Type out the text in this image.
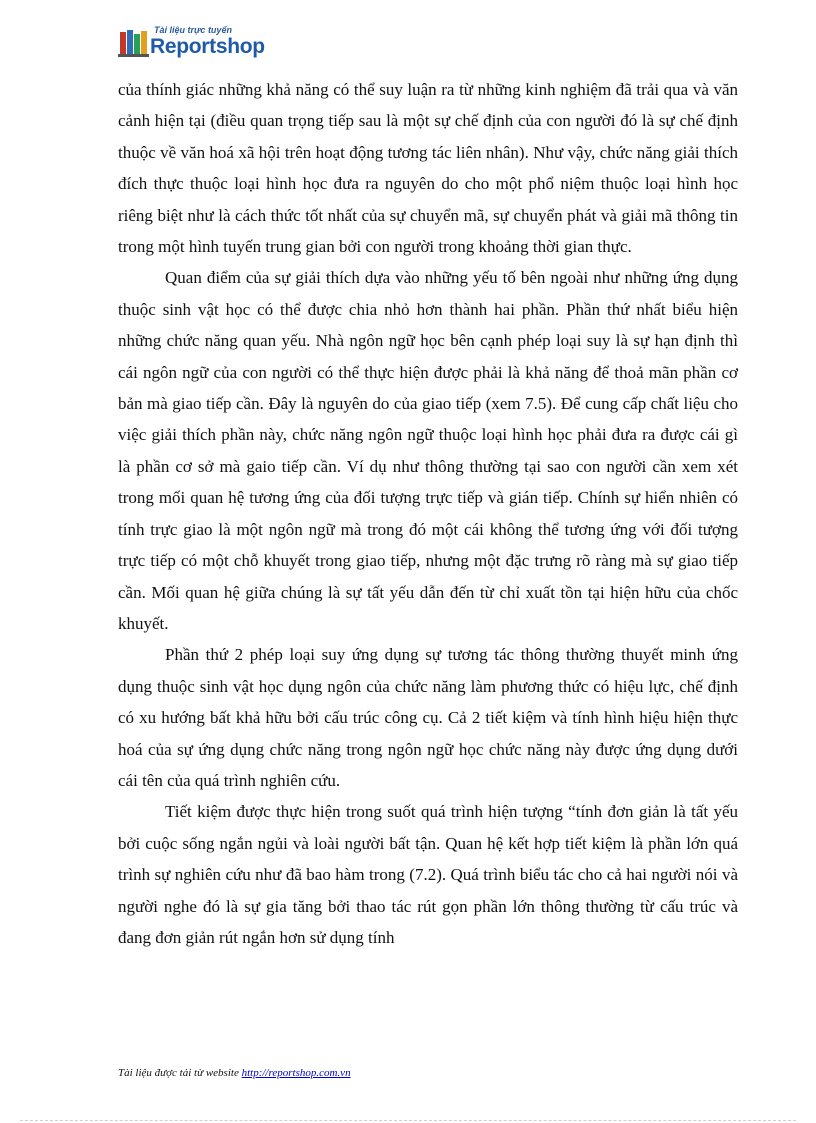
Tài liệu trực tuyến
Reportshop

của thính giác những khả năng có thể suy luận ra từ những kinh nghiệm đã trải qua và văn cảnh hiện tại (điều quan trọng tiếp sau là một sự chế định của con người đó là sự chế định thuộc về văn hoá xã hội trên hoạt động tương tác liên nhân). Như vậy, chức năng giải thích đích thực thuộc loại hình học đưa ra nguyên do cho một phổ niệm thuộc loại hình học riêng biệt như là cách thức tốt nhất của sự chuyển mã, sự chuyển phát và giải mã thông tin trong một hình tuyến trung gian bởi con người trong khoảng thời gian thực.

Quan điểm của sự giải thích dựa vào những yếu tố bên ngoài như những ứng dụng thuộc sinh vật học có thể được chia nhỏ hơn thành hai phần. Phần thứ nhất biểu hiện những chức năng quan yếu. Nhà ngôn ngữ học bên cạnh phép loại suy là sự hạn định thì cái ngôn ngữ của con người có thể thực hiện được phải là khả năng để thoả mãn phần cơ bản mà giao tiếp cần. Đây là nguyên do của giao tiếp (xem 7.5). Để cung cấp chất liệu cho việc giải thích phần này, chức năng ngôn ngữ thuộc loại hình học phải đưa ra được cái gì là phần cơ sở mà gaio tiếp cần. Ví dụ như thông thường tại sao con người cần xem xét trong mối quan hệ tương ứng của đối tượng trực tiếp và gián tiếp. Chính sự hiển nhiên có tính trực giao là một ngôn ngữ mà trong đó một cái không thể tương ứng với đối tượng trực tiếp có một chỗ khuyết trong giao tiếp, nhưng một đặc trưng rõ ràng mà sự giao tiếp cần. Mối quan hệ giữa chúng là sự tất yếu dẫn đến từ chỉ xuất tồn tại hiện hữu của chốc khuyết.

Phần thứ 2 phép loại suy ứng dụng sự tương tác thông thường thuyết minh ứng dụng thuộc sinh vật học dụng ngôn của chức năng làm phương thức có hiệu lực, chế định có xu hướng bất khả hữu bởi cấu trúc công cụ. Cả 2 tiết kiệm và tính hình hiệu hiện thực hoá của sự ứng dụng chức năng trong ngôn ngữ học chức năng này được ứng dụng dưới cái tên của quá trình nghiên cứu.

Tiết kiệm được thực hiện trong suốt quá trình hiện tượng “tính đơn giản là tất yếu bởi cuộc sống ngắn ngủi và loài người bất tận. Quan hệ kết hợp tiết kiệm là phần lớn quá trình sự nghiên cứu như đã bao hàm trong (7.2). Quá trình biểu tác cho cả hai người nói và người nghe đó là sự gia tăng bởi thao tác rút gọn phần lớn thông thường từ cấu trúc và đang đơn giản rút ngắn hơn sử dụng tính

Tài liệu được tải từ website http://reportshop.com.vn
